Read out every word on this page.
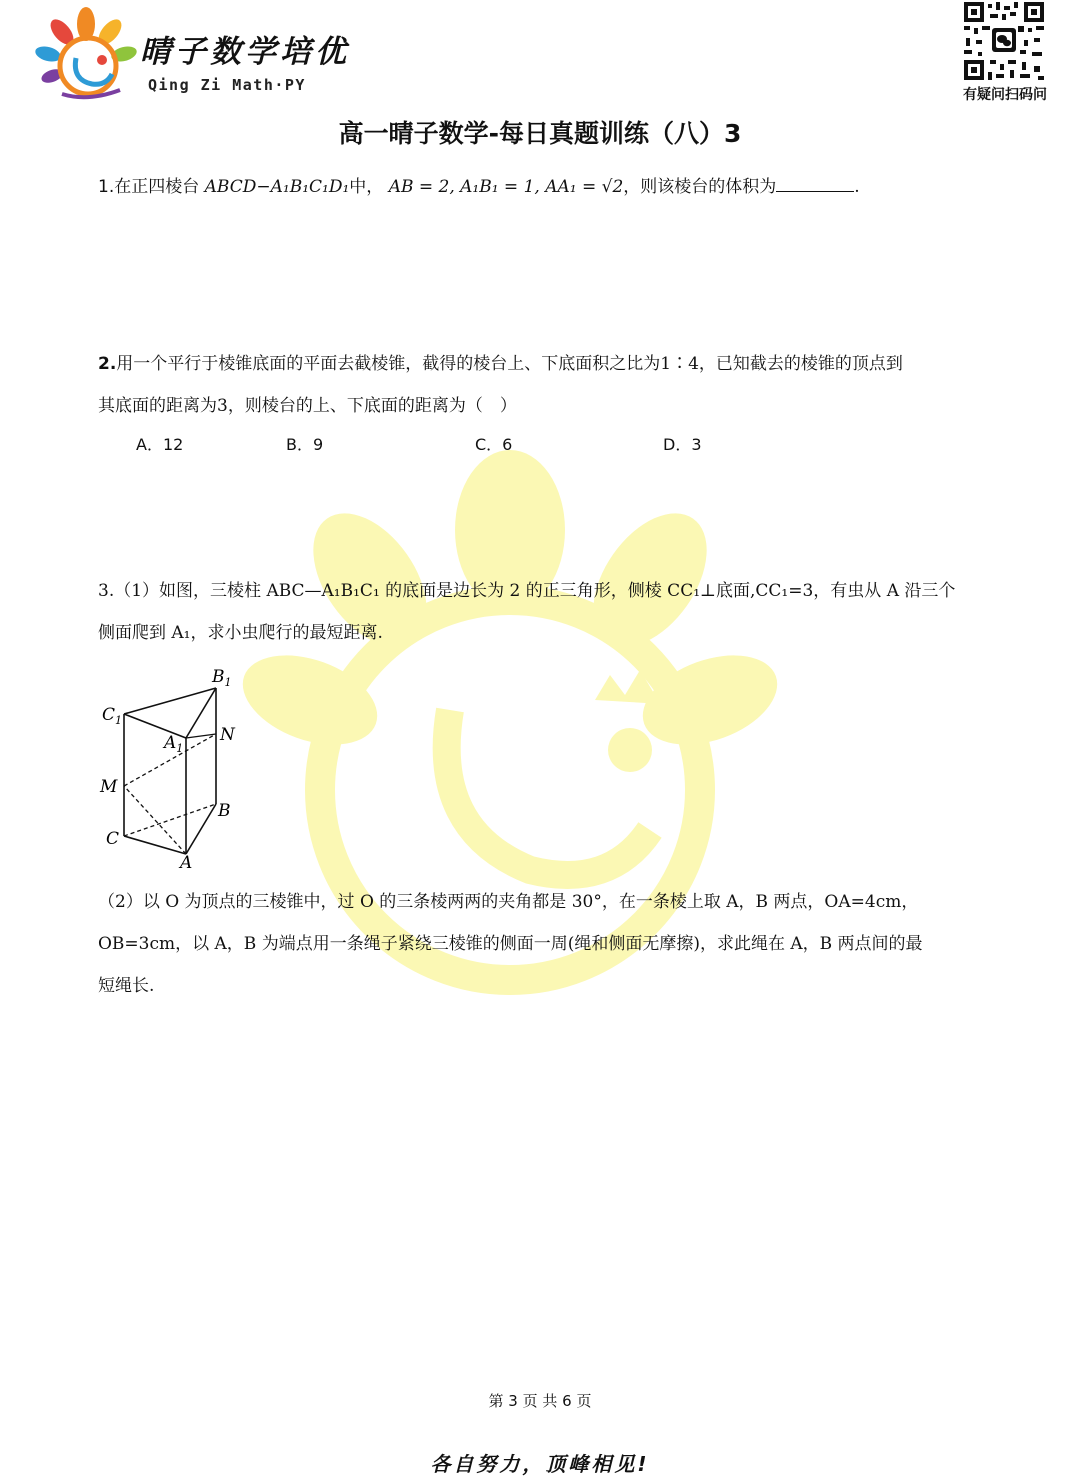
晴子数学培优
Qing Zi Math·PY
有疑问扫码问
高一晴子数学-每日真题训练（八）3
1.在正四棱台 ABCD−A₁B₁C₁D₁中， AB = 2, A₁B₁ = 1, AA₁ = √2，则该棱台的体积为	.
2.用一个平行于棱锥底面的平面去截棱锥，截得的棱台上、下底面积之比为1∶4，已知截去的棱锥的顶点到
其底面的距离为3，则棱台的上、下底面的距离为（　）
A．12	B．9	C．6	D．3
3.（1）如图，三棱柱 ABC—A₁B₁C₁ 的底面是边长为 2 的正三角形，侧棱 CC₁⊥底面,CC₁=3，有虫从 A 沿三个
侧面爬到 A₁，求小虫爬行的最短距离.
$B_1$
$C_1$
$A_1$
N
M
B
C
A
（2）以 O 为顶点的三棱锥中，过 O 的三条棱两两的夹角都是 30°，在一条棱上取 A，B 两点，OA=4cm，
OB=3cm，以 A，B 为端点用一条绳子紧绕三棱锥的侧面一周(绳和侧面无摩擦)，求此绳在 A，B 两点间的最
短绳长.
第 3 页 共 6 页
各自努力，顶峰相见!
